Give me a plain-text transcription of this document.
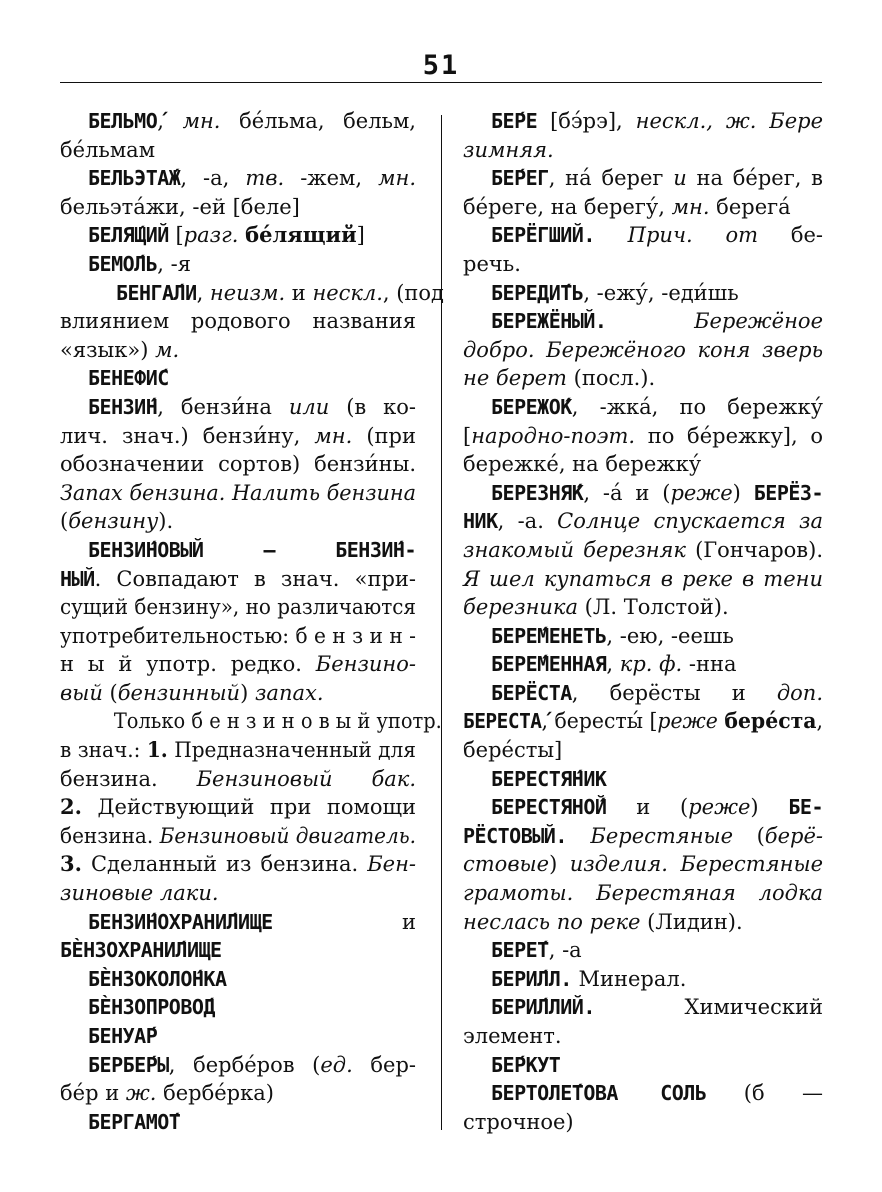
51
БЕЛЬМО́, мн. бе́льма, бельм,
бе́льмам
БЕЛЬЭТА́Ж, -а, тв. -жем, мн.
бельэта́жи, -ей [беле]
БЕЛЯ́ЩИЙ [разг. бе́лящий]
БЕМО́ЛЬ, -я
БЕНГА́ЛИ, неизм. и нескл., (под
влиянием родового названия
«язык») м.
БЕНЕФИ́С
БЕНЗИ́Н, бензи́на или (в ко-
лич. знач.) бензи́ну, мн. (при
обозначении сортов) бензи́ны.
Запах бензина. Налить бензина
(бензину).
БЕНЗИ́НОВЫЙ — БЕНЗИ́Н-
НЫЙ. Совпадают в знач. «при-
сущий бензину», но различаются
употребительностью: б е н з и н -
н ы й употр. редко. Бензино-
вый (бензинный) запах.
Только б е н з и н о в ы й употр.
в знач.: 1. Предназначенный для
бензина. Бензиновый бак.
2. Действующий при помощи
бензина. Бензиновый двигатель.
3. Сделанный из бензина. Бен-
зиновые лаки.
БЕНЗИ́НОХРАНИ́ЛИЩЕ и
БЀНЗОХРАНИ́ЛИЩЕ
БЀНЗОКОЛО́НКА
БЀНЗОПРОВО́Д
БЕНУА́Р
БЕРБЕ́РЫ, бербе́ров (ед. бер-
бе́р и ж. бербе́рка)
БЕРГАМО́Т
БЕ́РЕ [бэ́рэ], нескл., ж. Бере
зимняя.
БЕ́РЕГ, на́ берег и на бе́рег, в
бе́реге, на берегу́, мн. берега́
БЕРЁГШИЙ. Прич. от бе-
речь.
БЕРЕДИ́ТЬ, -ежу́, -еди́шь
БЕРЕЖЁНЫЙ.	Бережёное
добро. Бережёного коня зверь
не берет (посл.).
БЕРЕЖО́К, -жка́, по бережку́
[народно-поэт. по бе́режку], о
бережке́, на бережку́
БЕРЕЗНЯ́К, -а́ и (реже) БЕРЁЗ-
НИК, -а. Солнце спускается за
знакомый березняк (Гончаров).
Я шел купаться в реке в тени
березника (Л. Толстой).
БЕРЕ́МЕНЕТЬ, -ею, -еешь
БЕРЕ́МЕННАЯ, кр. ф. -нна
БЕРЁСТА, берёсты и доп.
БЕРЕСТА́, бересты́ [реже бере́ста,
бере́сты]
БЕРЕСТЯ́НИК
БЕРЕСТЯНО́Й и (реже) БЕ-
РЁСТОВЫЙ. Берестяные (берё-
стовые) изделия. Берестяные
грамоты. Берестяная лодка
неслась по реке (Лидин).
БЕРЕ́Т, -а
БЕРИ́ЛЛ. Минерал.
БЕРИ́ЛЛИЙ. Химический
элемент.
БЕ́РКУТ
БЕРТОЛЕ́ТОВА СОЛЬ (б —
строчное)
